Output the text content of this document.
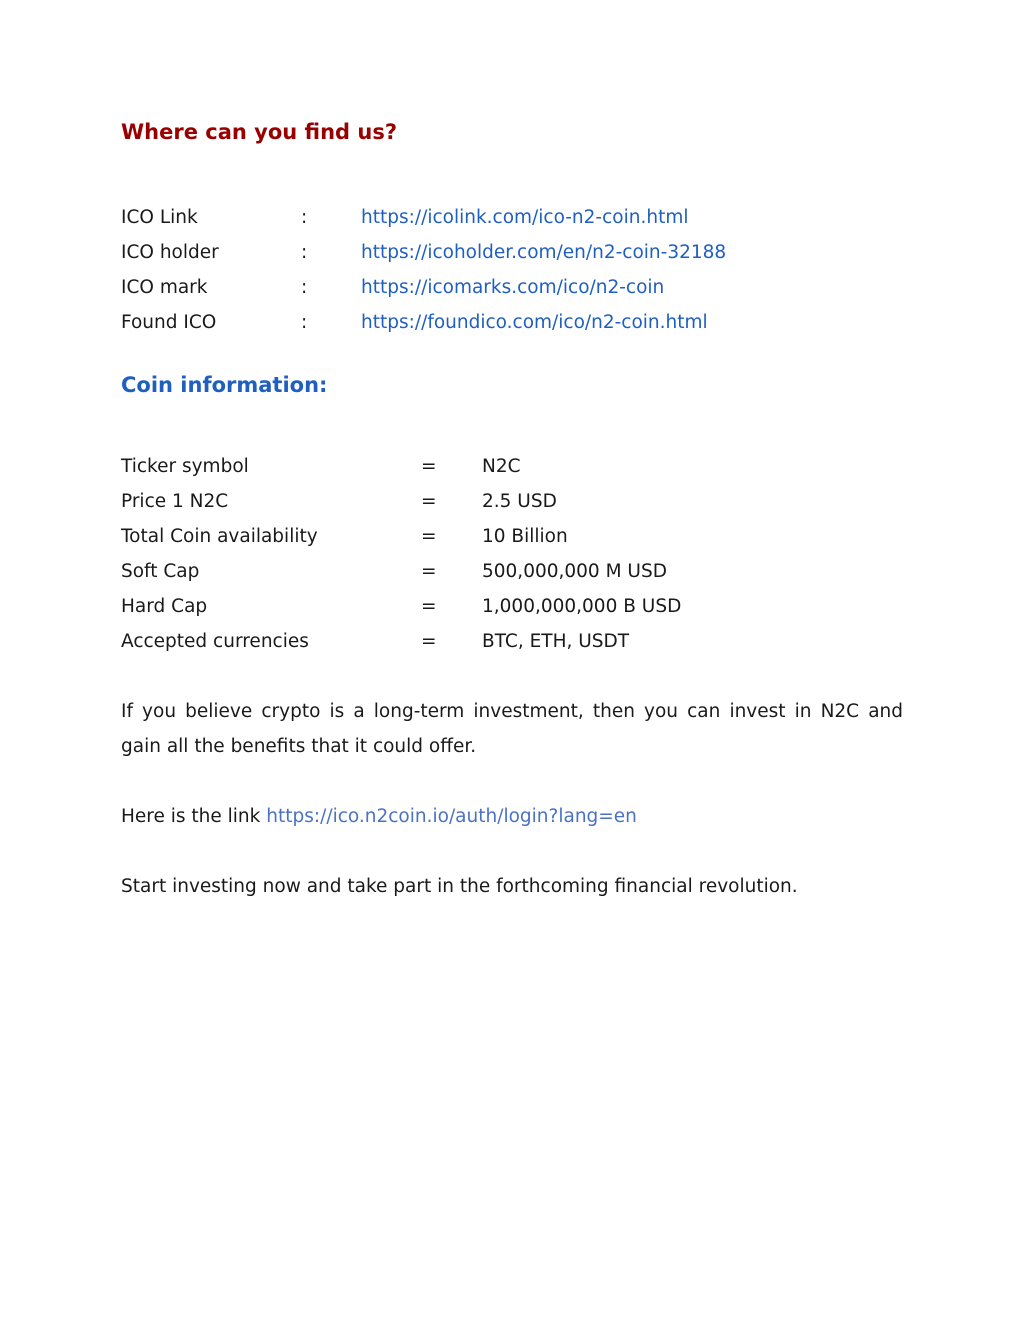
Where can you find us?
ICO Link	:	https://icolink.com/ico-n2-coin.html
ICO holder	:	https://icoholder.com/en/n2-coin-32188
ICO mark	:	https://icomarks.com/ico/n2-coin
Found ICO	:	https://foundico.com/ico/n2-coin.html
Coin information:
Ticker symbol	= N2C
Price 1 N2C	= 2.5 USD
Total Coin availability	= 10 Billion
Soft Cap	= 500,000,000 M USD
Hard Cap	= 1,000,000,000 B USD
Accepted currencies	= BTC, ETH, USDT

If you believe crypto is a long-term investment, then you can invest in N2C and gain all the benefits that it could offer.

Here is the link https://ico.n2coin.io/auth/login?lang=en

Start investing now and take part in the forthcoming financial revolution.
